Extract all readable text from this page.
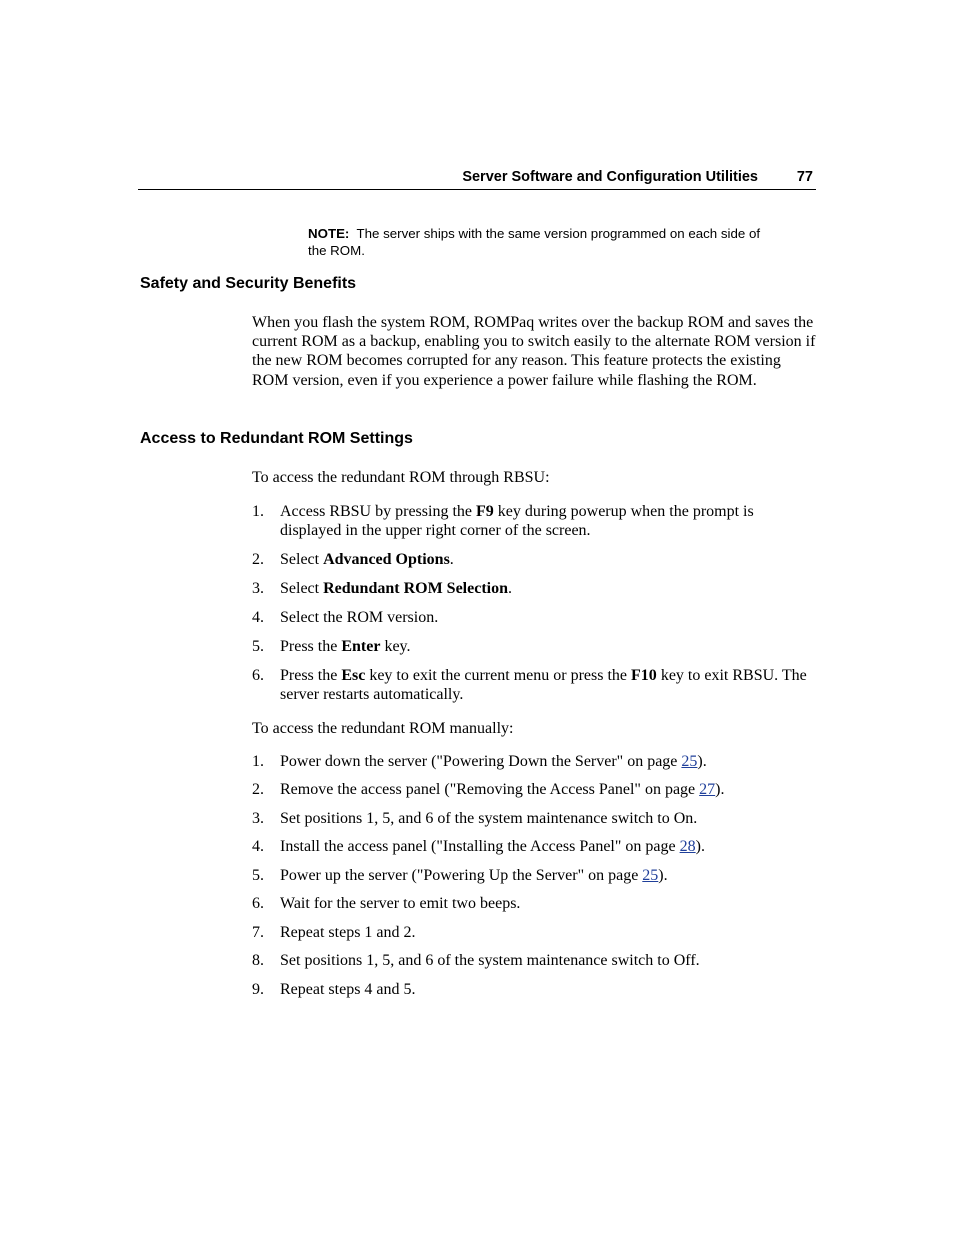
Server Software and Configuration Utilities	77
NOTE: The server ships with the same version programmed on each side of the ROM.
Safety and Security Benefits
When you flash the system ROM, ROMPaq writes over the backup ROM and saves the current ROM as a backup, enabling you to switch easily to the alternate ROM version if the new ROM becomes corrupted for any reason. This feature protects the existing ROM version, even if you experience a power failure while flashing the ROM.
Access to Redundant ROM Settings
To access the redundant ROM through RBSU:
1. Access RBSU by pressing the F9 key during powerup when the prompt is displayed in the upper right corner of the screen.
2. Select Advanced Options.
3. Select Redundant ROM Selection.
4. Select the ROM version.
5. Press the Enter key.
6. Press the Esc key to exit the current menu or press the F10 key to exit RBSU. The server restarts automatically.
To access the redundant ROM manually:
1. Power down the server ("Powering Down the Server" on page 25).
2. Remove the access panel ("Removing the Access Panel" on page 27).
3. Set positions 1, 5, and 6 of the system maintenance switch to On.
4. Install the access panel ("Installing the Access Panel" on page 28).
5. Power up the server ("Powering Up the Server" on page 25).
6. Wait for the server to emit two beeps.
7. Repeat steps 1 and 2.
8. Set positions 1, 5, and 6 of the system maintenance switch to Off.
9. Repeat steps 4 and 5.
